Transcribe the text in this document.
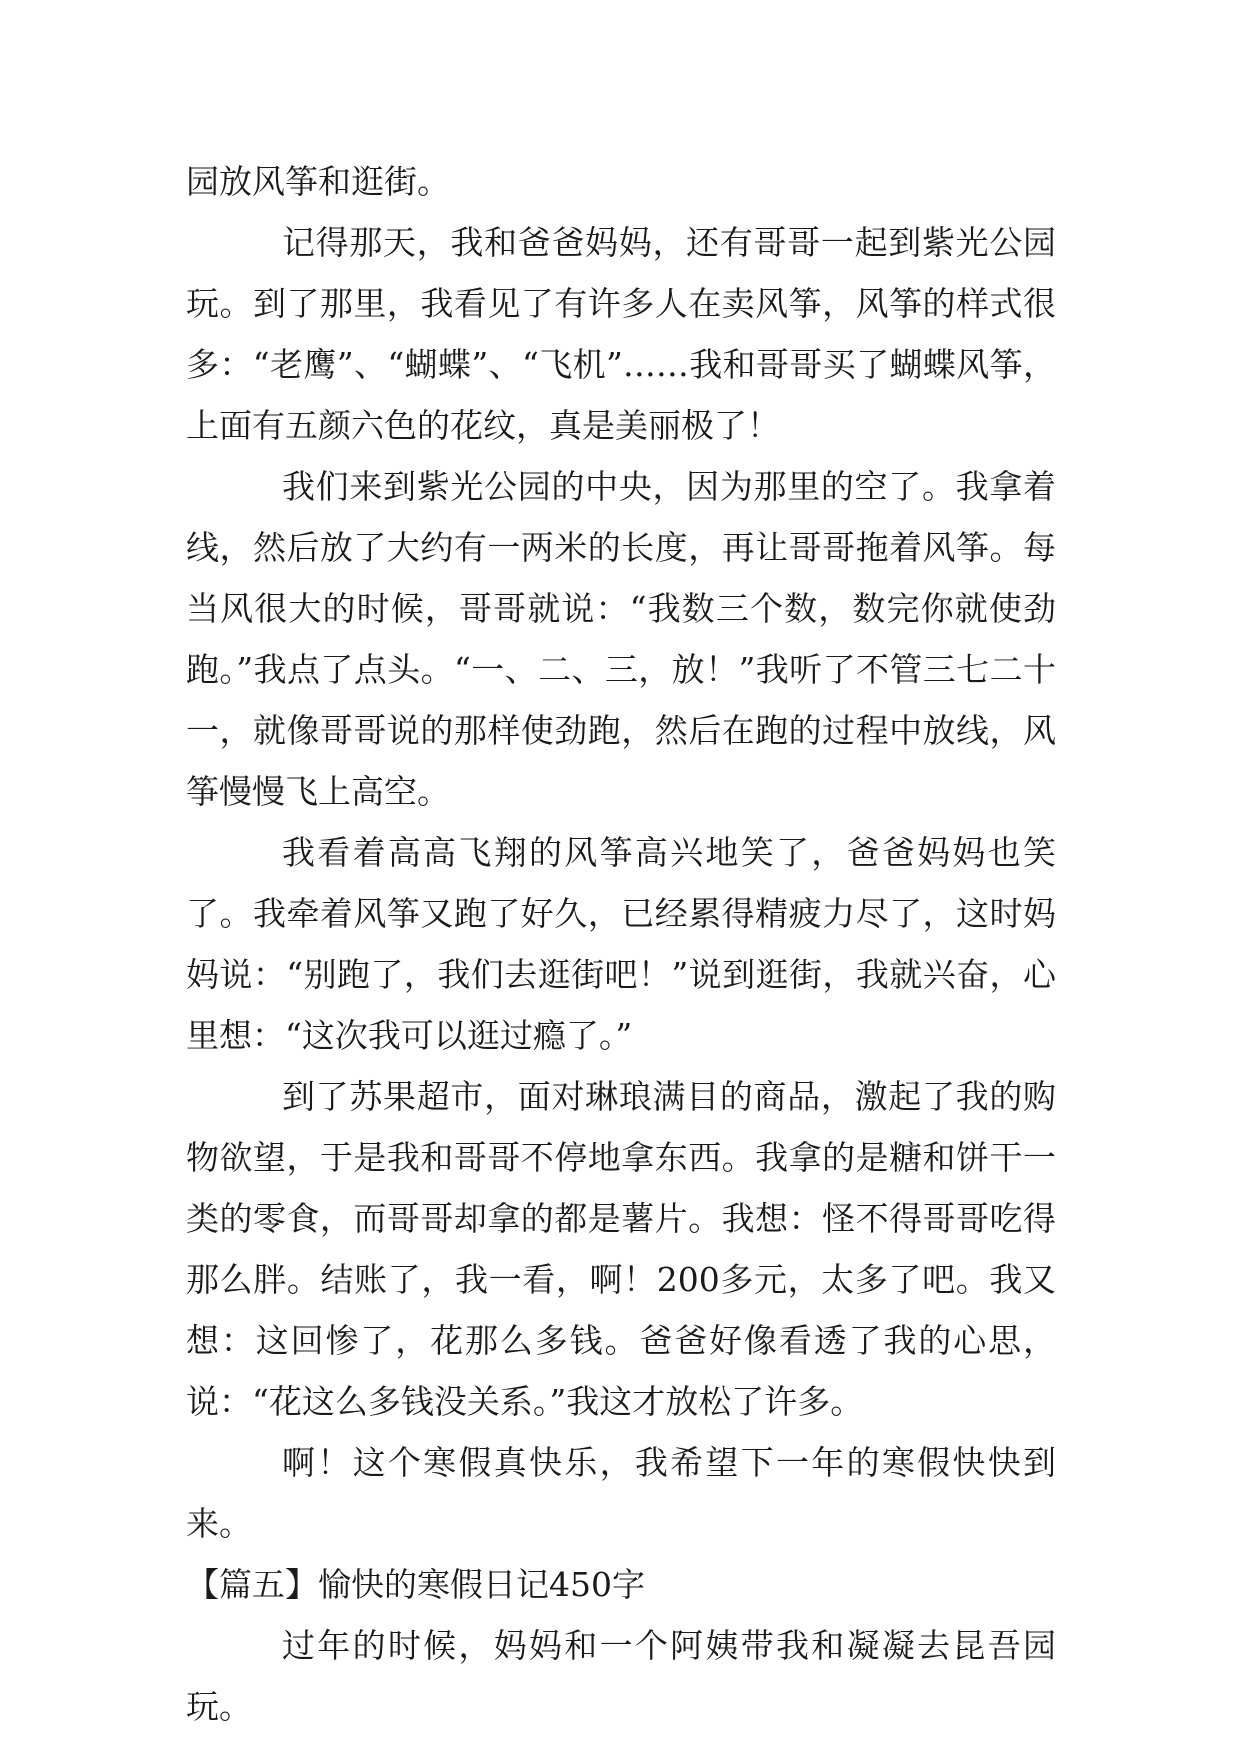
园放风筝和逛街。

记得那天，我和爸爸妈妈，还有哥哥一起到紫光公园玩。到了那里，我看见了有许多人在卖风筝，风筝的样式很多：“老鹰”、“蝴蝶”、“飞机”……我和哥哥买了蝴蝶风筝，上面有五颜六色的花纹，真是美丽极了！

我们来到紫光公园的中央，因为那里的空了。我拿着线，然后放了大约有一两米的长度，再让哥哥拖着风筝。每当风很大的时候，哥哥就说：“我数三个数，数完你就使劲跑。”我点了点头。“一、二、三，放！”我听了不管三七二十一，就像哥哥说的那样使劲跑，然后在跑的过程中放线，风筝慢慢飞上高空。

我看着高高飞翔的风筝高兴地笑了，爸爸妈妈也笑了。我牵着风筝又跑了好久，已经累得精疲力尽了，这时妈妈说：“别跑了，我们去逛街吧！”说到逛街，我就兴奋，心里想：“这次我可以逛过瘾了。”

到了苏果超市，面对琳琅满目的商品，激起了我的购物欲望，于是我和哥哥不停地拿东西。我拿的是糖和饼干一类的零食，而哥哥却拿的都是薯片。我想：怪不得哥哥吃得那么胖。结账了，我一看，啊！200多元，太多了吧。我又想：这回惨了，花那么多钱。爸爸好像看透了我的心思，说：“花这么多钱没关系。”我这才放松了许多。

啊！这个寒假真快乐，我希望下一年的寒假快快到来。

【篇五】愉快的寒假日记450字

过年的时候，妈妈和一个阿姨带我和凝凝去昆吾园玩。
